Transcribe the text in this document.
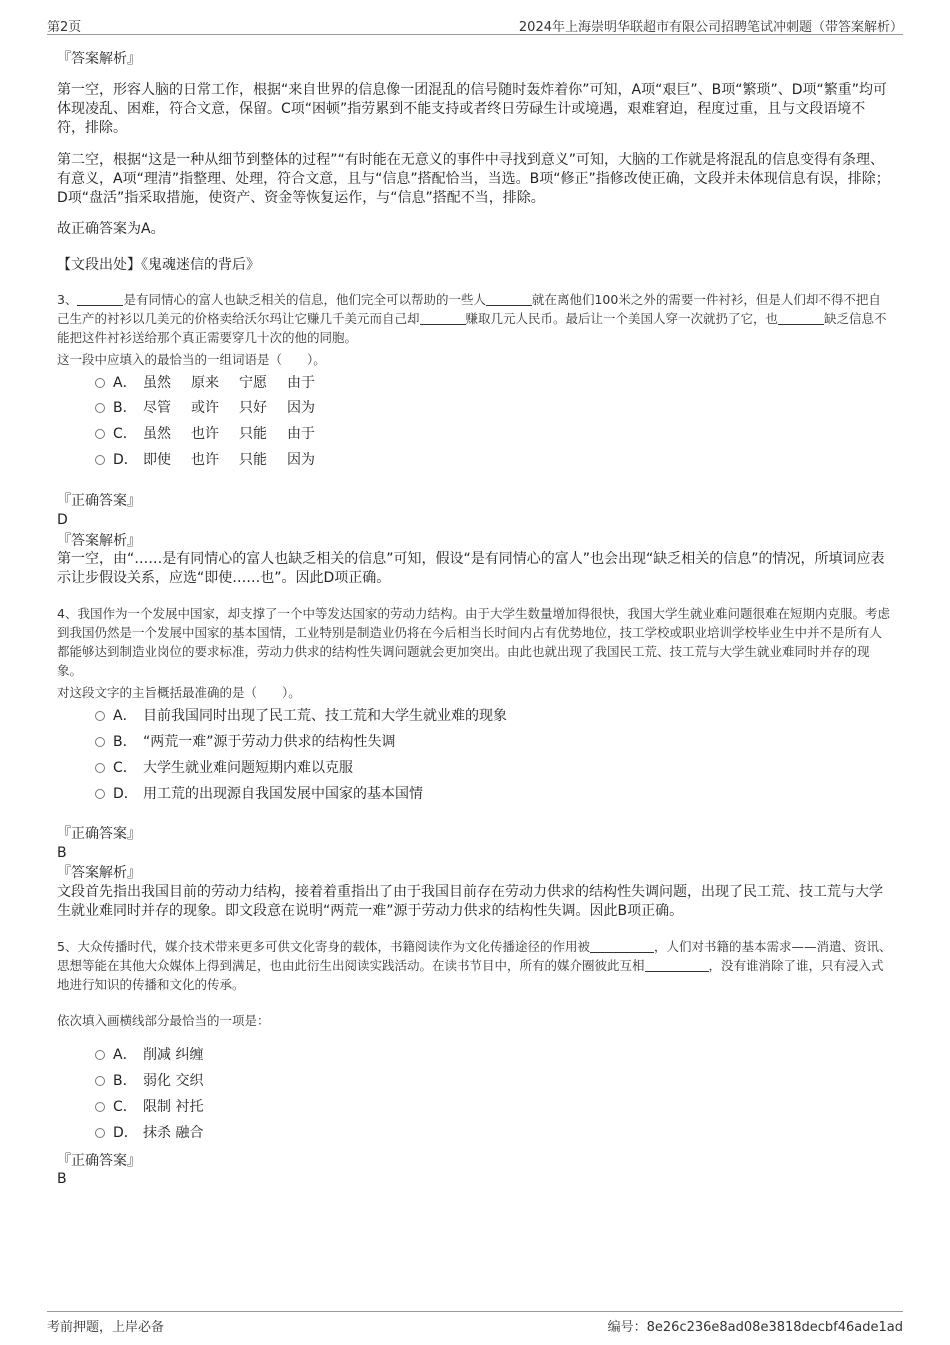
第2页	2024年上海崇明华联超市有限公司招聘笔试冲刺题（带答案解析）
『答案解析』
第一空，形容人脑的日常工作，根据“来自世界的信息像一团混乱的信号随时轰炸着你”可知，A项“艰巨”、B项“繁琐”、D项“繁重”均可体现凌乱、困难，符合文意，保留。C项“困顿”指劳累到不能支持或者终日劳碌生计或境遇，艰难窘迫，程度过重，且与文段语境不符，排除。
第二空，根据“这是一种从细节到整体的过程”“有时能在无意义的事件中寻找到意义”可知，大脑的工作就是将混乱的信息变得有条理、有意义，A项“理清”指整理、处理，符合文意，且与“信息”搭配恰当，当选。B项“修正”指修改使正确，文段并未体现信息有误，排除；D项“盘活”指采取措施，使资产、资金等恢复运作，与“信息”搭配不当，排除。
故正确答案为A。
【文段出处】《鬼魂迷信的背后》
3、	是有同情心的富人也缺乏相关的信息，他们完全可以帮助的一些人	就在离他们100米之外的需要一件衬衫，但是人们却不得不把自己生产的衬衫以几美元的价格卖给沃尔玛让它赚几千美元而自己却	赚取几元人民币。最后让一个美国人穿一次就扔了它，也	缺乏信息不能把这件衬衫送给那个真正需要穿几十次的他的同胞。
这一段中应填入的最恰当的一组词语是（　　）。
A． 虽然 原来 宁愿 由于
B． 尽管 或许 只好 因为
C． 虽然 也许 只能 由于
D． 即使 也许 只能 因为
『正确答案』
D
『答案解析』
第一空，由“……是有同情心的富人也缺乏相关的信息”可知，假设“是有同情心的富人”也会出现“缺乏相关的信息”的情况，所填词应表示让步假设关系，应选“即使……也”。因此D项正确。
4、我国作为一个发展中国家，却支撑了一个中等发达国家的劳动力结构。由于大学生数量增加得很快，我国大学生就业难问题很难在短期内克服。考虑到我国仍然是一个发展中国家的基本国情，工业特别是制造业仍将在今后相当长时间内占有优势地位，技工学校或职业培训学校毕业生中并不是所有人都能够达到制造业岗位的要求标准，劳动力供求的结构性失调问题就会更加突出。由此也就出现了我国民工荒、技工荒与大学生就业难同时并存的现象。
对这段文字的主旨概括最准确的是（　　）。
A． 目前我国同时出现了民工荒、技工荒和大学生就业难的现象
B． “两荒一难”源于劳动力供求的结构性失调
C． 大学生就业难问题短期内难以克服
D． 用工荒的出现源自我国发展中国家的基本国情
『正确答案』
B
『答案解析』
文段首先指出我国目前的劳动力结构，接着着重指出了由于我国目前存在劳动力供求的结构性失调问题，出现了民工荒、技工荒与大学生就业难同时并存的现象。即文段意在说明“两荒一难”源于劳动力供求的结构性失调。因此B项正确。
5、大众传播时代，媒介技术带来更多可供文化寄身的载体，书籍阅读作为文化传播途径的作用被	，人们对书籍的基本需求——消遣、资讯、思想等能在其他大众媒体上得到满足，也由此衍生出阅读实践活动。在读书节目中，所有的媒介圈彼此互相	，没有谁消除了谁，只有浸入式地进行知识的传播和文化的传承。
依次填入画横线部分最恰当的一项是：
A． 削减 纠缠
B． 弱化 交织
C． 限制 衬托
D． 抹杀 融合
『正确答案』
B
考前押题，上岸必备	编号：8e26c236e8ad08e3818decbf46ade1ad
